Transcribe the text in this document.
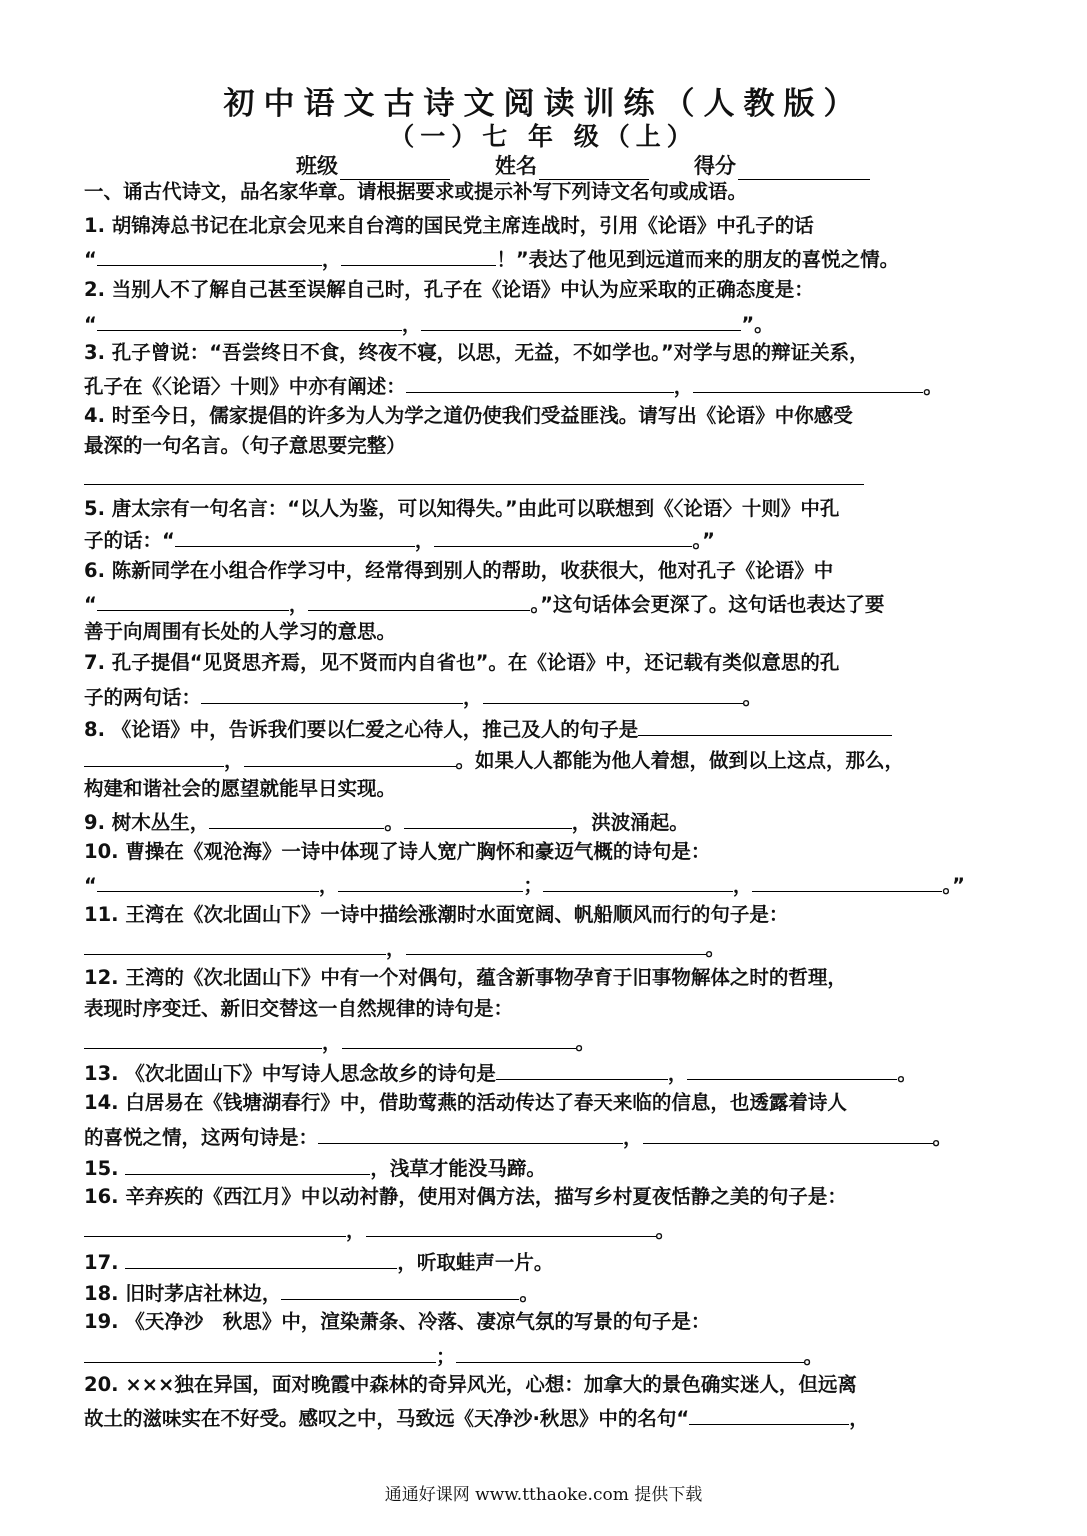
初中语文古诗文阅读训练（人教版）
（一）七 年 级（上）
班级	姓名	得分
一、诵古代诗文，品名家华章。请根据要求或提示补写下列诗文名句或成语。
1. 胡锦涛总书记在北京会见来自台湾的国民党主席连战时，引用《论语》中孔子的话
“	，	！”表达了他见到远道而来的朋友的喜悦之情。
2. 当别人不了解自己甚至误解自己时，孔子在《论语》中认为应采取的正确态度是：
“	，	”。
3. 孔子曾说：“吾尝终日不食，终夜不寝，以思，无益，不如学也。”对学与思的辩证关系，
孔子在《〈论语〉十则》中亦有阐述：	，	。
4. 时至今日，儒家提倡的许多为人为学之道仍使我们受益匪浅。请写出《论语》中你感受
最深的一句名言。（句子意思要完整）
5. 唐太宗有一句名言：“以人为鉴，可以知得失。”由此可以联想到《〈论语〉十则》中孔
子的话：“	，	。”
6. 陈新同学在小组合作学习中，经常得到别人的帮助，收获很大，他对孔子《论语》中
“	，	。”这句话体会更深了。这句话也表达了要
善于向周围有长处的人学习的意思。
7. 孔子提倡“见贤思齐焉，见不贤而内自省也”。在《论语》中，还记载有类似意思的孔
子的两句话：	，	。
8. 《论语》中，告诉我们要以仁爱之心待人，推己及人的句子是
，	。如果人人都能为他人着想，做到以上这点，那么，
构建和谐社会的愿望就能早日实现。
9. 树木丛生，	。	，洪波涌起。
10. 曹操在《观沧海》一诗中体现了诗人宽广胸怀和豪迈气概的诗句是：
“	，	；	，	。”
11. 王湾在《次北固山下》一诗中描绘涨潮时水面宽阔、帆船顺风而行的句子是：
，	。
12. 王湾的《次北固山下》中有一个对偶句，蕴含新事物孕育于旧事物解体之时的哲理，
表现时序变迁、新旧交替这一自然规律的诗句是：
，	。
13. 《次北固山下》中写诗人思念故乡的诗句是	，	。
14. 白居易在《钱塘湖春行》中，借助莺燕的活动传达了春天来临的信息，也透露着诗人
的喜悦之情，这两句诗是：	，	。
15.	，浅草才能没马蹄。
16. 辛弃疾的《西江月》中以动衬静，使用对偶方法，描写乡村夏夜恬静之美的句子是：
，	。
17.	，听取蛙声一片。
18. 旧时茅店社林边，	。
19. 《天净沙　秋思》中，渲染萧条、冷落、凄凉气氛的写景的句子是：
；	。
20. ×××独在异国，面对晚霞中森林的奇异风光，心想：加拿大的景色确实迷人，但远离
故土的滋味实在不好受。感叹之中，马致远《天净沙·秋思》中的名句“	，
通通好课网 www.tthaoke.com 提供下载
